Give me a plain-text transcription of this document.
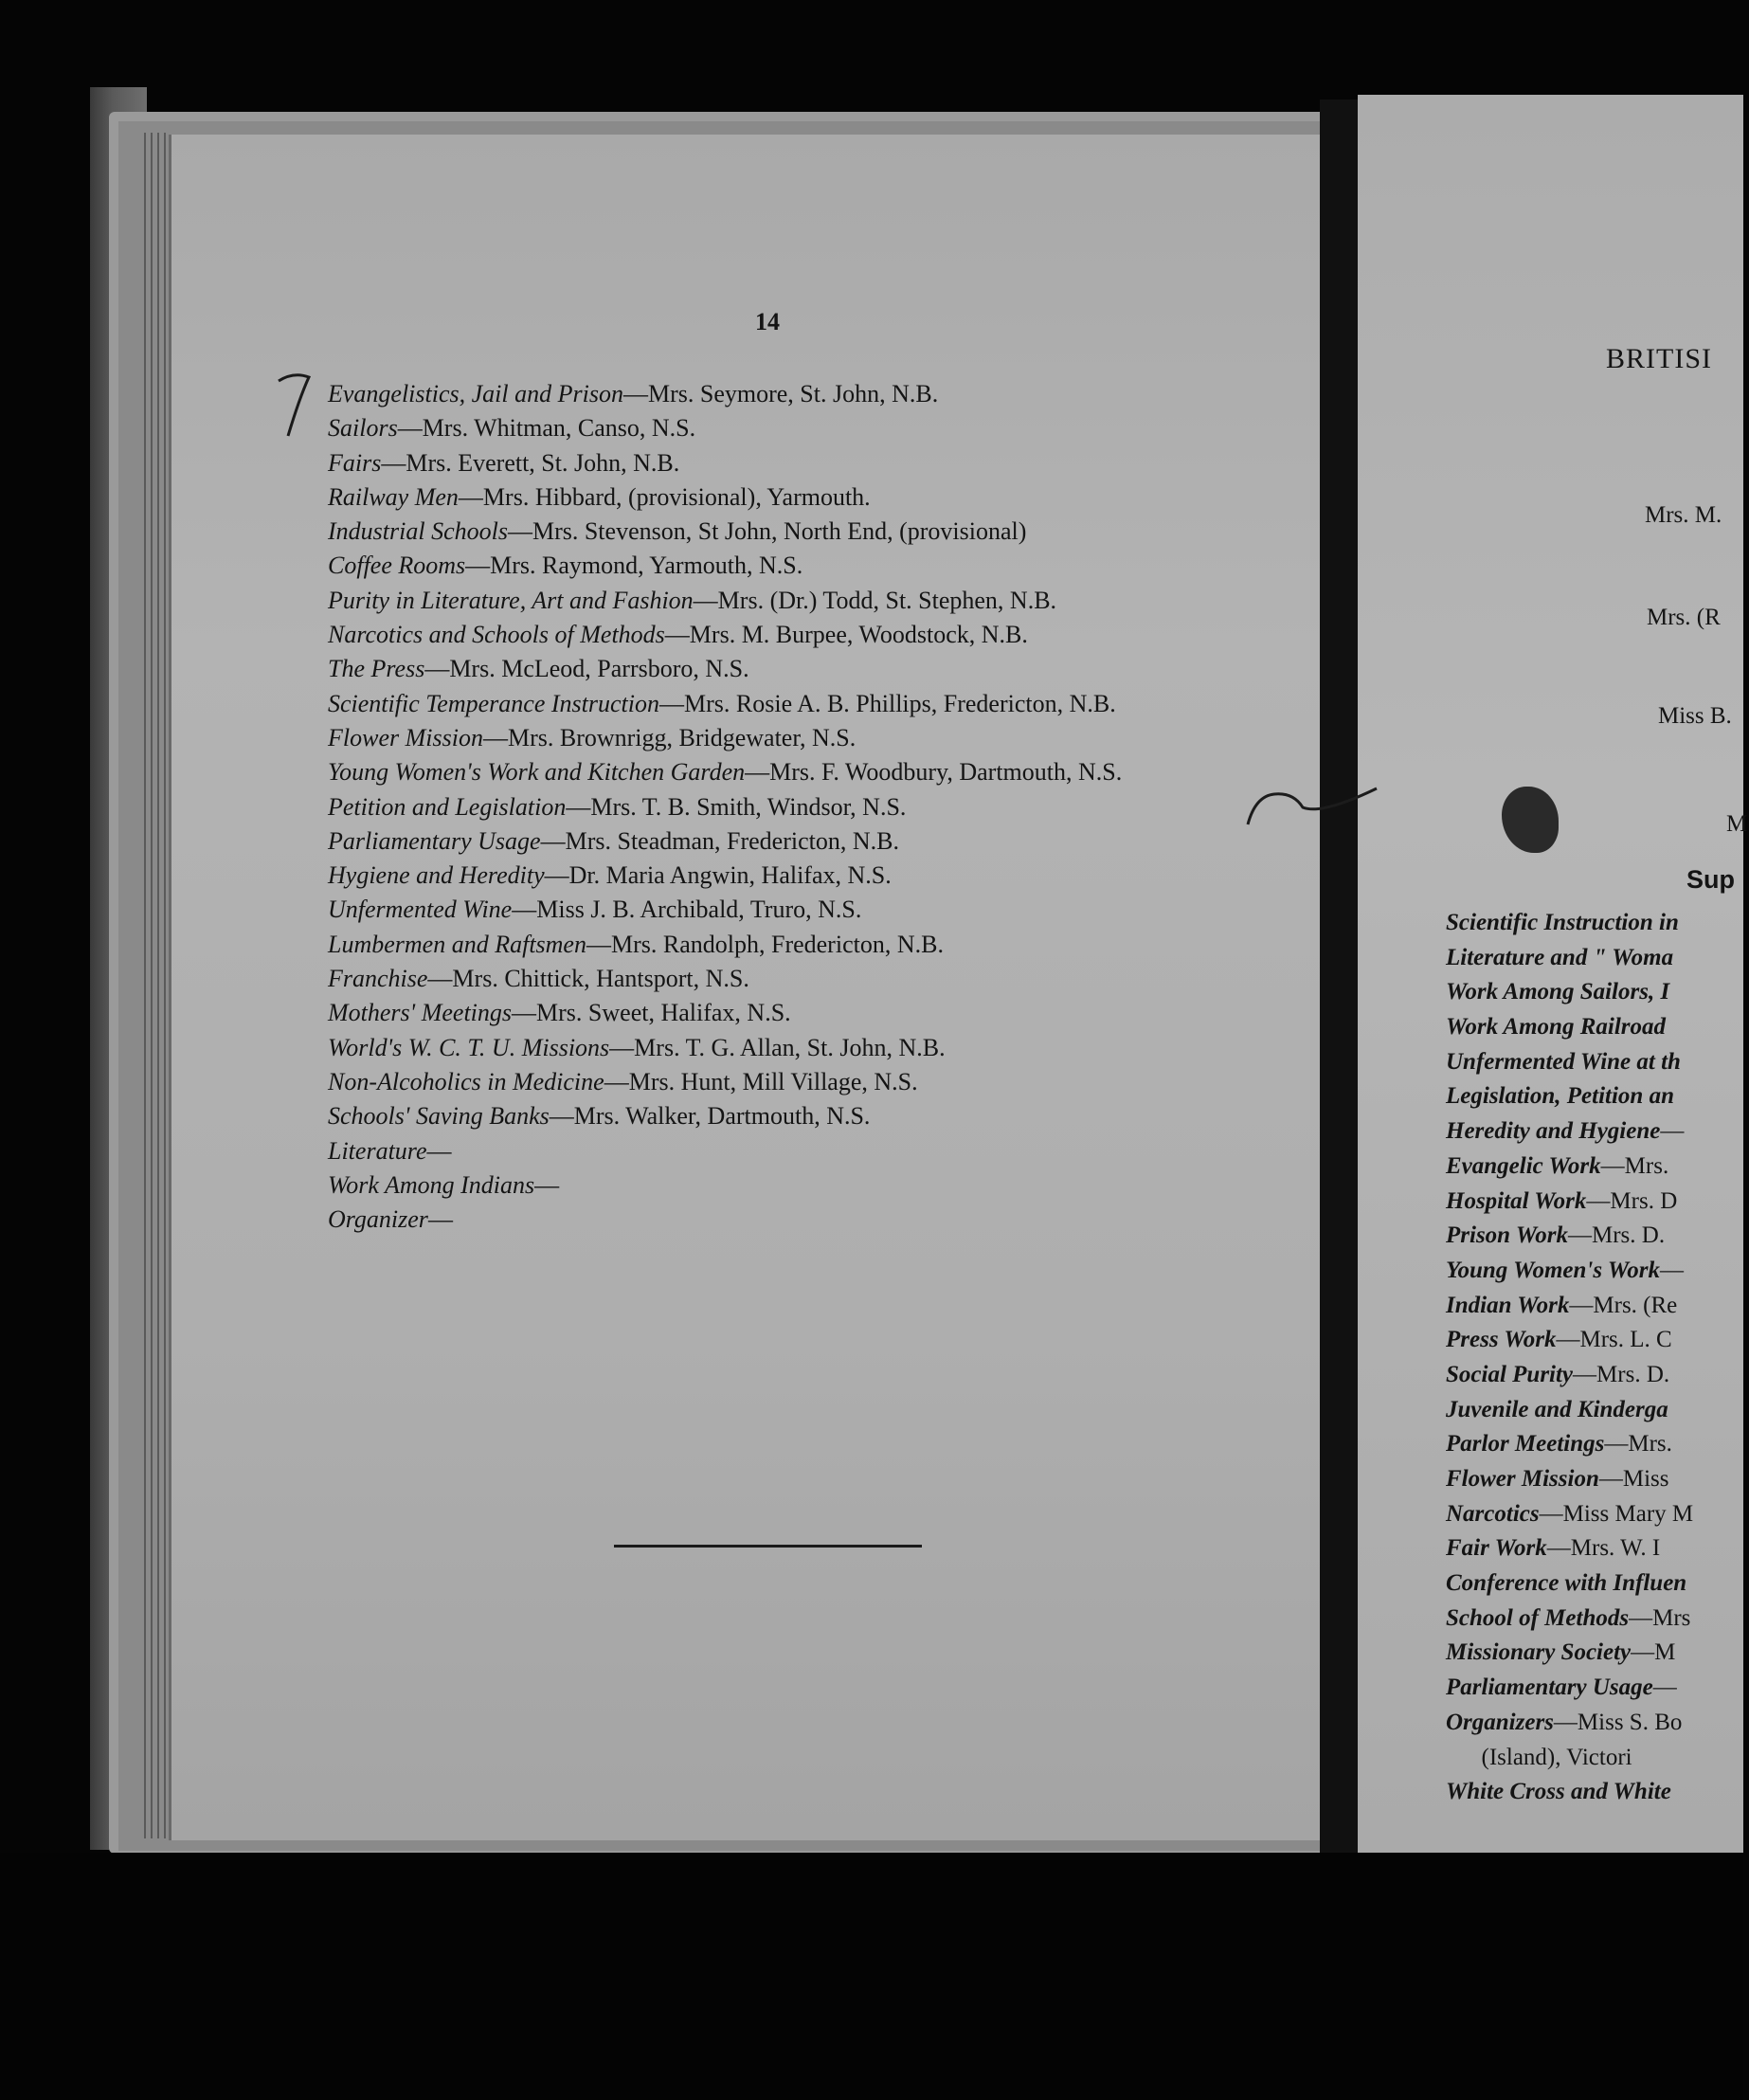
14
Evangelistics, Jail and Prison—Mrs. Seymore, St. John, N.B.
Sailors—Mrs. Whitman, Canso, N.S.
Fairs—Mrs. Everett, St. John, N.B.
Railway Men—Mrs. Hibbard, (provisional), Yarmouth.
Industrial Schools—Mrs. Stevenson, St John, North End, (provisional)
Coffee Rooms—Mrs. Raymond, Yarmouth, N.S.
Purity in Literature, Art and Fashion—Mrs. (Dr.) Todd, St. Stephen, N.B.
Narcotics and Schools of Methods—Mrs. M. Burpee, Woodstock, N.B.
The Press—Mrs. McLeod, Parrsboro, N.S.
Scientific Temperance Instruction—Mrs. Rosie A. B. Phillips, Fredericton, N.B.
Flower Mission—Mrs. Brownrigg, Bridgewater, N.S.
Young Women's Work and Kitchen Garden—Mrs. F. Woodbury, Dartmouth, N.S.
Petition and Legislation—Mrs. T. B. Smith, Windsor, N.S.
Parliamentary Usage—Mrs. Steadman, Fredericton, N.B.
Hygiene and Heredity—Dr. Maria Angwin, Halifax, N.S.
Unfermented Wine—Miss J. B. Archibald, Truro, N.S.
Lumbermen and Raftsmen—Mrs. Randolph, Fredericton, N.B.
Franchise—Mrs. Chittick, Hantsport, N.S.
Mothers' Meetings—Mrs. Sweet, Halifax, N.S.
World's W. C. T. U. Missions—Mrs. T. G. Allan, St. John, N.B.
Non-Alcoholics in Medicine—Mrs. Hunt, Mill Village, N.S.
Schools' Saving Banks—Mrs. Walker, Dartmouth, N.S.
Literature—
Work Among Indians—
Organizer—
BRITISI
Mrs. M.
Mrs. (R
Miss B.
M
Sup
Scientific Instruction in
Literature and " Woma
Work Among Sailors, I
Work Among Railroad
Unfermented Wine at th
Legislation, Petition an
Heredity and Hygiene—
Evangelic Work—Mrs.
Hospital Work—Mrs. D
Prison Work—Mrs. D.
Young Women's Work—
Indian Work—Mrs. (Re
Press Work—Mrs. L. C
Social Purity—Mrs. D.
Juvenile and Kinderga
Parlor Meetings—Mrs.
Flower Mission—Miss
Narcotics—Miss Mary M
Fair Work—Mrs. W. I
Conference with Influen
School of Methods—Mrs
Missionary Society—M
Parliamentary Usage—
Organizers—Miss S. Bo
(Island), Victori
White Cross and White
